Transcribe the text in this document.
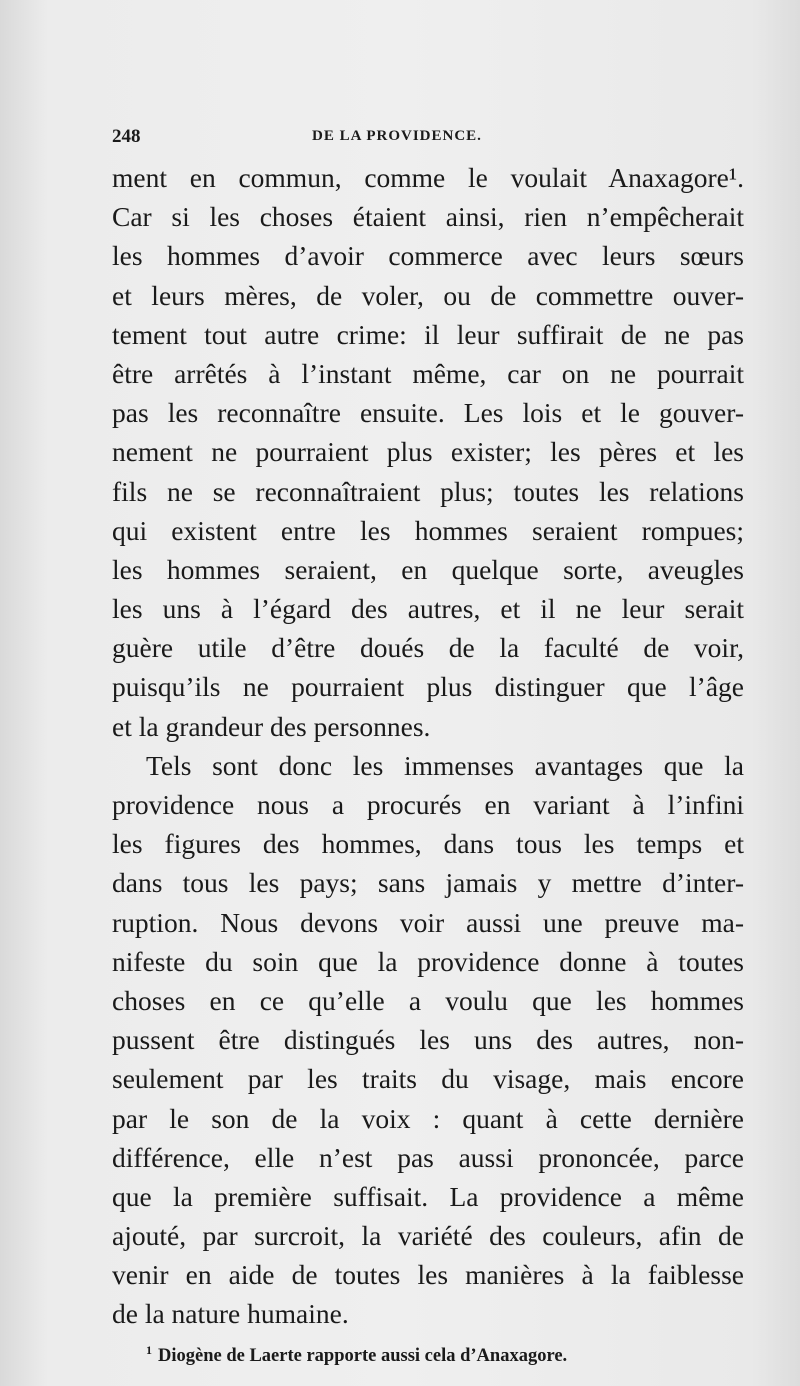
248	DE LA PROVIDENCE.
ment en commun, comme le voulait Anaxagore¹.
Car si les choses étaient ainsi, rien n’empêcherait
les hommes d’avoir commerce avec leurs sœurs
et leurs mères, de voler, ou de commettre ouver-
tement tout autre crime: il leur suffirait de ne pas
être arrêtés à l’instant même, car on ne pourrait
pas les reconnaître ensuite. Les lois et le gouver-
nement ne pourraient plus exister; les pères et les
fils ne se reconnaîtraient plus; toutes les relations
qui existent entre les hommes seraient rompues;
les hommes seraient, en quelque sorte, aveugles
les uns à l’égard des autres, et il ne leur serait
guère utile d’être doués de la faculté de voir,
puisqu’ils ne pourraient plus distinguer que l’âge
et la grandeur des personnes.
Tels sont donc les immenses avantages que la
providence nous a procurés en variant à l’infini
les figures des hommes, dans tous les temps et
dans tous les pays; sans jamais y mettre d’inter-
ruption. Nous devons voir aussi une preuve ma-
nifeste du soin que la providence donne à toutes
choses en ce qu’elle a voulu que les hommes
pussent être distingués les uns des autres, non-
seulement par les traits du visage, mais encore
par le son de la voix : quant à cette dernière
différence, elle n’est pas aussi prononcée, parce
que la première suffisait. La providence a même
ajouté, par surcroit, la variété des couleurs, afin de
venir en aide de toutes les manières à la faiblesse
de la nature humaine.
$^1$ Diogène de Laerte rapporte aussi cela d’Anaxagore.
